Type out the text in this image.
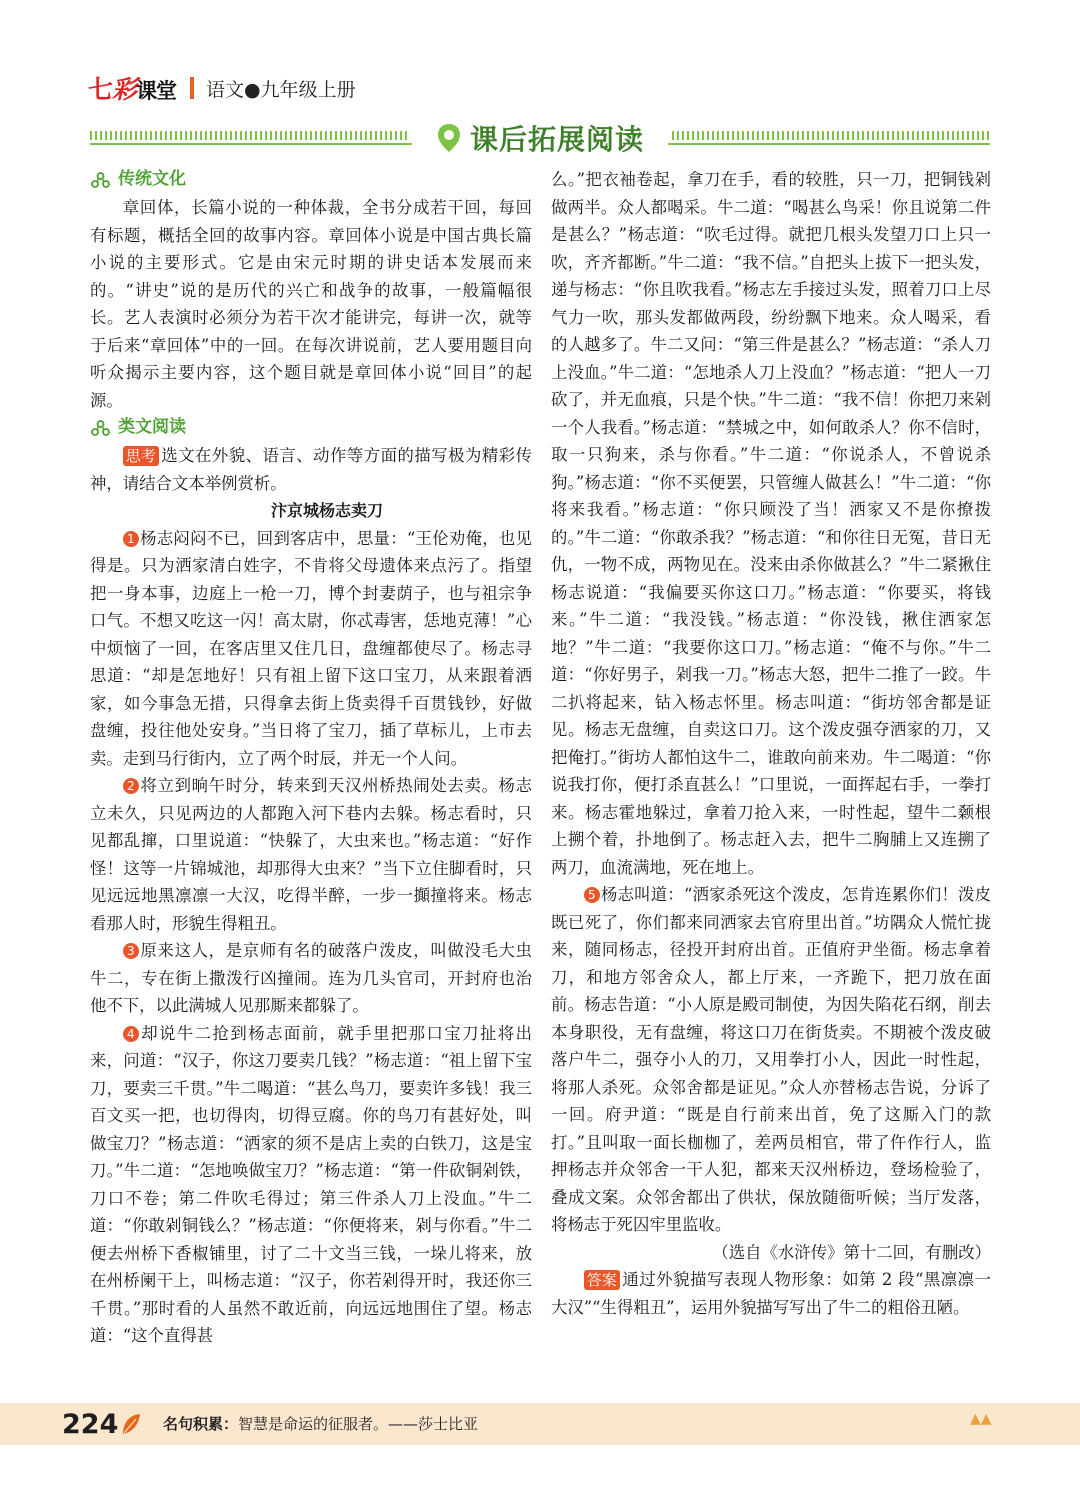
七彩课堂 语文●九年级上册
课后拓展阅读
传统文化

章回体，长篇小说的一种体裁，全书分成若干回，每回有标题，概括全回的故事内容。章回体小说是中国古典长篇小说的主要形式。它是由宋元时期的讲史话本发展而来的。“讲史”说的是历代的兴亡和战争的故事，一般篇幅很长。艺人表演时必须分为若干次才能讲完，每讲一次，就等于后来“章回体”中的一回。在每次讲说前，艺人要用题目向听众揭示主要内容，这个题目就是章回体小说“回目”的起源。

类文阅读

思考 选文在外貌、语言、动作等方面的描写极为精彩传神，请结合文本举例赏析。

汴京城杨志卖刀

1 杨志闷闷不已，回到客店中，思量：“王伦劝俺，也见得是。只为洒家清白姓字，不肯将父母遗体来点污了。指望把一身本事，边庭上一枪一刀，博个封妻荫子，也与祖宗争口气。不想又吃这一闪！高太尉，你忒毒害，恁地克薄！”心中烦恼了一回，在客店里又住几日，盘缠都使尽了。杨志寻思道：“却是怎地好！只有祖上留下这口宝刀，从来跟着洒家，如今事急无措，只得拿去街上货卖得千百贯钱钞，好做盘缠，投往他处安身。”当日将了宝刀，插了草标儿，上市去卖。走到马行街内，立了两个时辰，并无一个人问。

2 将立到晌午时分，转来到天汉州桥热闹处去卖。杨志立未久，只见两边的人都跑入河下巷内去躲。杨志看时，只见都乱撺，口里说道：“快躲了，大虫来也。”杨志道：“好作怪！这等一片锦城池，却那得大虫来？”当下立住脚看时，只见远远地黑凛凛一大汉，吃得半醉，一步一攧撞将来。杨志看那人时，形貌生得粗丑。

3 原来这人，是京师有名的破落户泼皮，叫做没毛大虫牛二，专在街上撒泼行凶撞闹。连为几头官司，开封府也治他不下，以此满城人见那厮来都躲了。

4 却说牛二抢到杨志面前，就手里把那口宝刀扯将出来，问道：“汉子，你这刀要卖几钱？”杨志道：“祖上留下宝刀，要卖三千贯。”牛二喝道：“甚么鸟刀，要卖许多钱！我三百文买一把，也切得肉，切得豆腐。你的鸟刀有甚好处，叫做宝刀？”杨志道：“洒家的须不是店上卖的白铁刀，这是宝刀。”牛二道：“怎地唤做宝刀？”杨志道：“第一件砍铜剁铁，刀口不卷；第二件吹毛得过；第三件杀人刀上没血。”牛二道：“你敢剁铜钱么？”杨志道：“你便将来，剁与你看。”牛二便去州桥下香椒铺里，讨了二十文当三钱，一垛儿将来，放在州桥阑干上，叫杨志道：“汉子，你若剁得开时，我还你三千贯。”那时看的人虽然不敢近前，向远远地围住了望。杨志道：“这个直得甚

么。”把衣袖卷起，拿刀在手，看的较胜，只一刀，把铜钱剁做两半。众人都喝采。牛二道：“喝甚么鸟采！你且说第二件是甚么？”杨志道：“吹毛过得。就把几根头发望刀口上只一吹，齐齐都断。”牛二道：“我不信。”自把头上拔下一把头发，递与杨志：“你且吹我看。”杨志左手接过头发，照着刀口上尽气力一吹，那头发都做两段，纷纷飘下地来。众人喝采，看的人越多了。牛二又问：“第三件是甚么？”杨志道：“杀人刀上没血。”牛二道：“怎地杀人刀上没血？”杨志道：“把人一刀砍了，并无血痕，只是个快。”牛二道：“我不信！你把刀来剁一个人我看。”杨志道：“禁城之中，如何敢杀人？你不信时，取一只狗来，杀与你看。”牛二道：“你说杀人，不曾说杀狗。”杨志道：“你不买便罢，只管缠人做甚么！”牛二道：“你将来我看。”杨志道：“你只顾没了当！洒家又不是你撩拨的。”牛二道：“你敢杀我？”杨志道：“和你往日无冤，昔日无仇，一物不成，两物见在。没来由杀你做甚么？”牛二紧揪住杨志说道：“我偏要买你这口刀。”杨志道：“你要买，将钱来。”牛二道：“我没钱。”杨志道：“你没钱，揪住洒家怎地？”牛二道：“我要你这口刀。”杨志道：“俺不与你。”牛二道：“你好男子，剁我一刀。”杨志大怒，把牛二推了一跤。牛二扒将起来，钻入杨志怀里。杨志叫道：“街坊邻舍都是证见。杨志无盘缠，自卖这口刀。这个泼皮强夺洒家的刀，又把俺打。”街坊人都怕这牛二，谁敢向前来劝。牛二喝道：“你说我打你，便打杀直甚么！”口里说，一面挥起右手，一拳打来。杨志霍地躲过，拿着刀抢入来，一时性起，望牛二颡根上搠个着，扑地倒了。杨志赶入去，把牛二胸脯上又连搠了两刀，血流满地，死在地上。

5 杨志叫道：“洒家杀死这个泼皮，怎肯连累你们！泼皮既已死了，你们都来同洒家去官府里出首。”坊隅众人慌忙拢来，随同杨志，径投开封府出首。正值府尹坐衙。杨志拿着刀，和地方邻舍众人，都上厅来，一齐跪下，把刀放在面前。杨志告道：“小人原是殿司制使，为因失陷花石纲，削去本身职役，无有盘缠，将这口刀在街货卖。不期被个泼皮破落户牛二，强夺小人的刀，又用拳打小人，因此一时性起，将那人杀死。众邻舍都是证见。”众人亦替杨志告说，分诉了一回。府尹道：“既是自行前来出首，免了这厮入门的款打。”且叫取一面长枷枷了，差两员相官，带了仵作行人，监押杨志并众邻舍一干人犯，都来天汉州桥边，登场检验了，叠成文案。众邻舍都出了供状，保放随衙听候；当厅发落，将杨志于死囚牢里监收。

（选自《水浒传》第十二回，有删改）

答案 通过外貌描写表现人物形象：如第 2 段“黑凛凛一大汉”“生得粗丑”，运用外貌描写写出了牛二的粗俗丑陋。

224	名句积累：智慧是命运的征服者。——莎士比亚	▲▲
